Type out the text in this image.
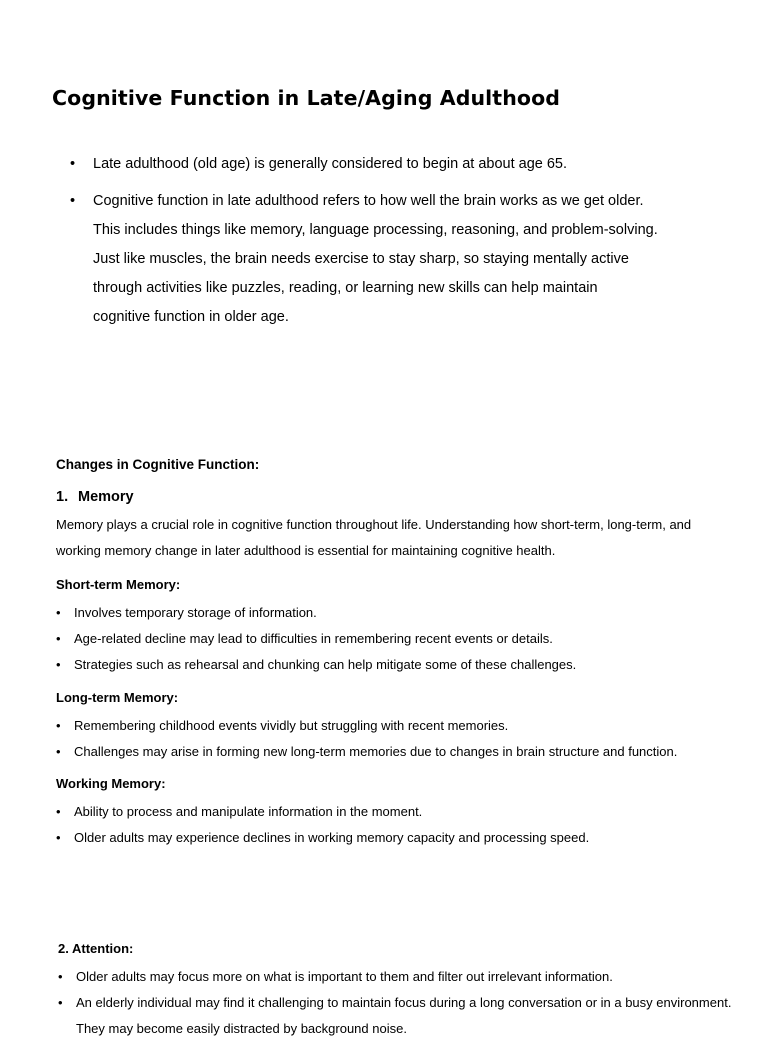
Cognitive Function in Late/Aging Adulthood
• Late adulthood (old age) is generally considered to begin at about age 65.
• Cognitive function in late adulthood refers to how well the brain works as we get older. This includes things like memory, language processing, reasoning, and problem-solving. Just like muscles, the brain needs exercise to stay sharp, so staying mentally active through activities like puzzles, reading, or learning new skills can help maintain cognitive function in older age.
Changes in Cognitive Function:
1. Memory

Memory plays a crucial role in cognitive function throughout life. Understanding how short-term, long-term, and working memory change in later adulthood is essential for maintaining cognitive health.

Short-term Memory:

• Involves temporary storage of information.
• Age-related decline may lead to difficulties in remembering recent events or details.
• Strategies such as rehearsal and chunking can help mitigate some of these challenges.

Long-term Memory:

• Remembering childhood events vividly but struggling with recent memories.
• Challenges may arise in forming new long-term memories due to changes in brain structure and function.

Working Memory:

• Ability to process and manipulate information in the moment.
• Older adults may experience declines in working memory capacity and processing speed.

2. Attention:

• Older adults may focus more on what is important to them and filter out irrelevant information.
• An elderly individual may find it challenging to maintain focus during a long conversation or in a busy environment. They may become easily distracted by background noise.
